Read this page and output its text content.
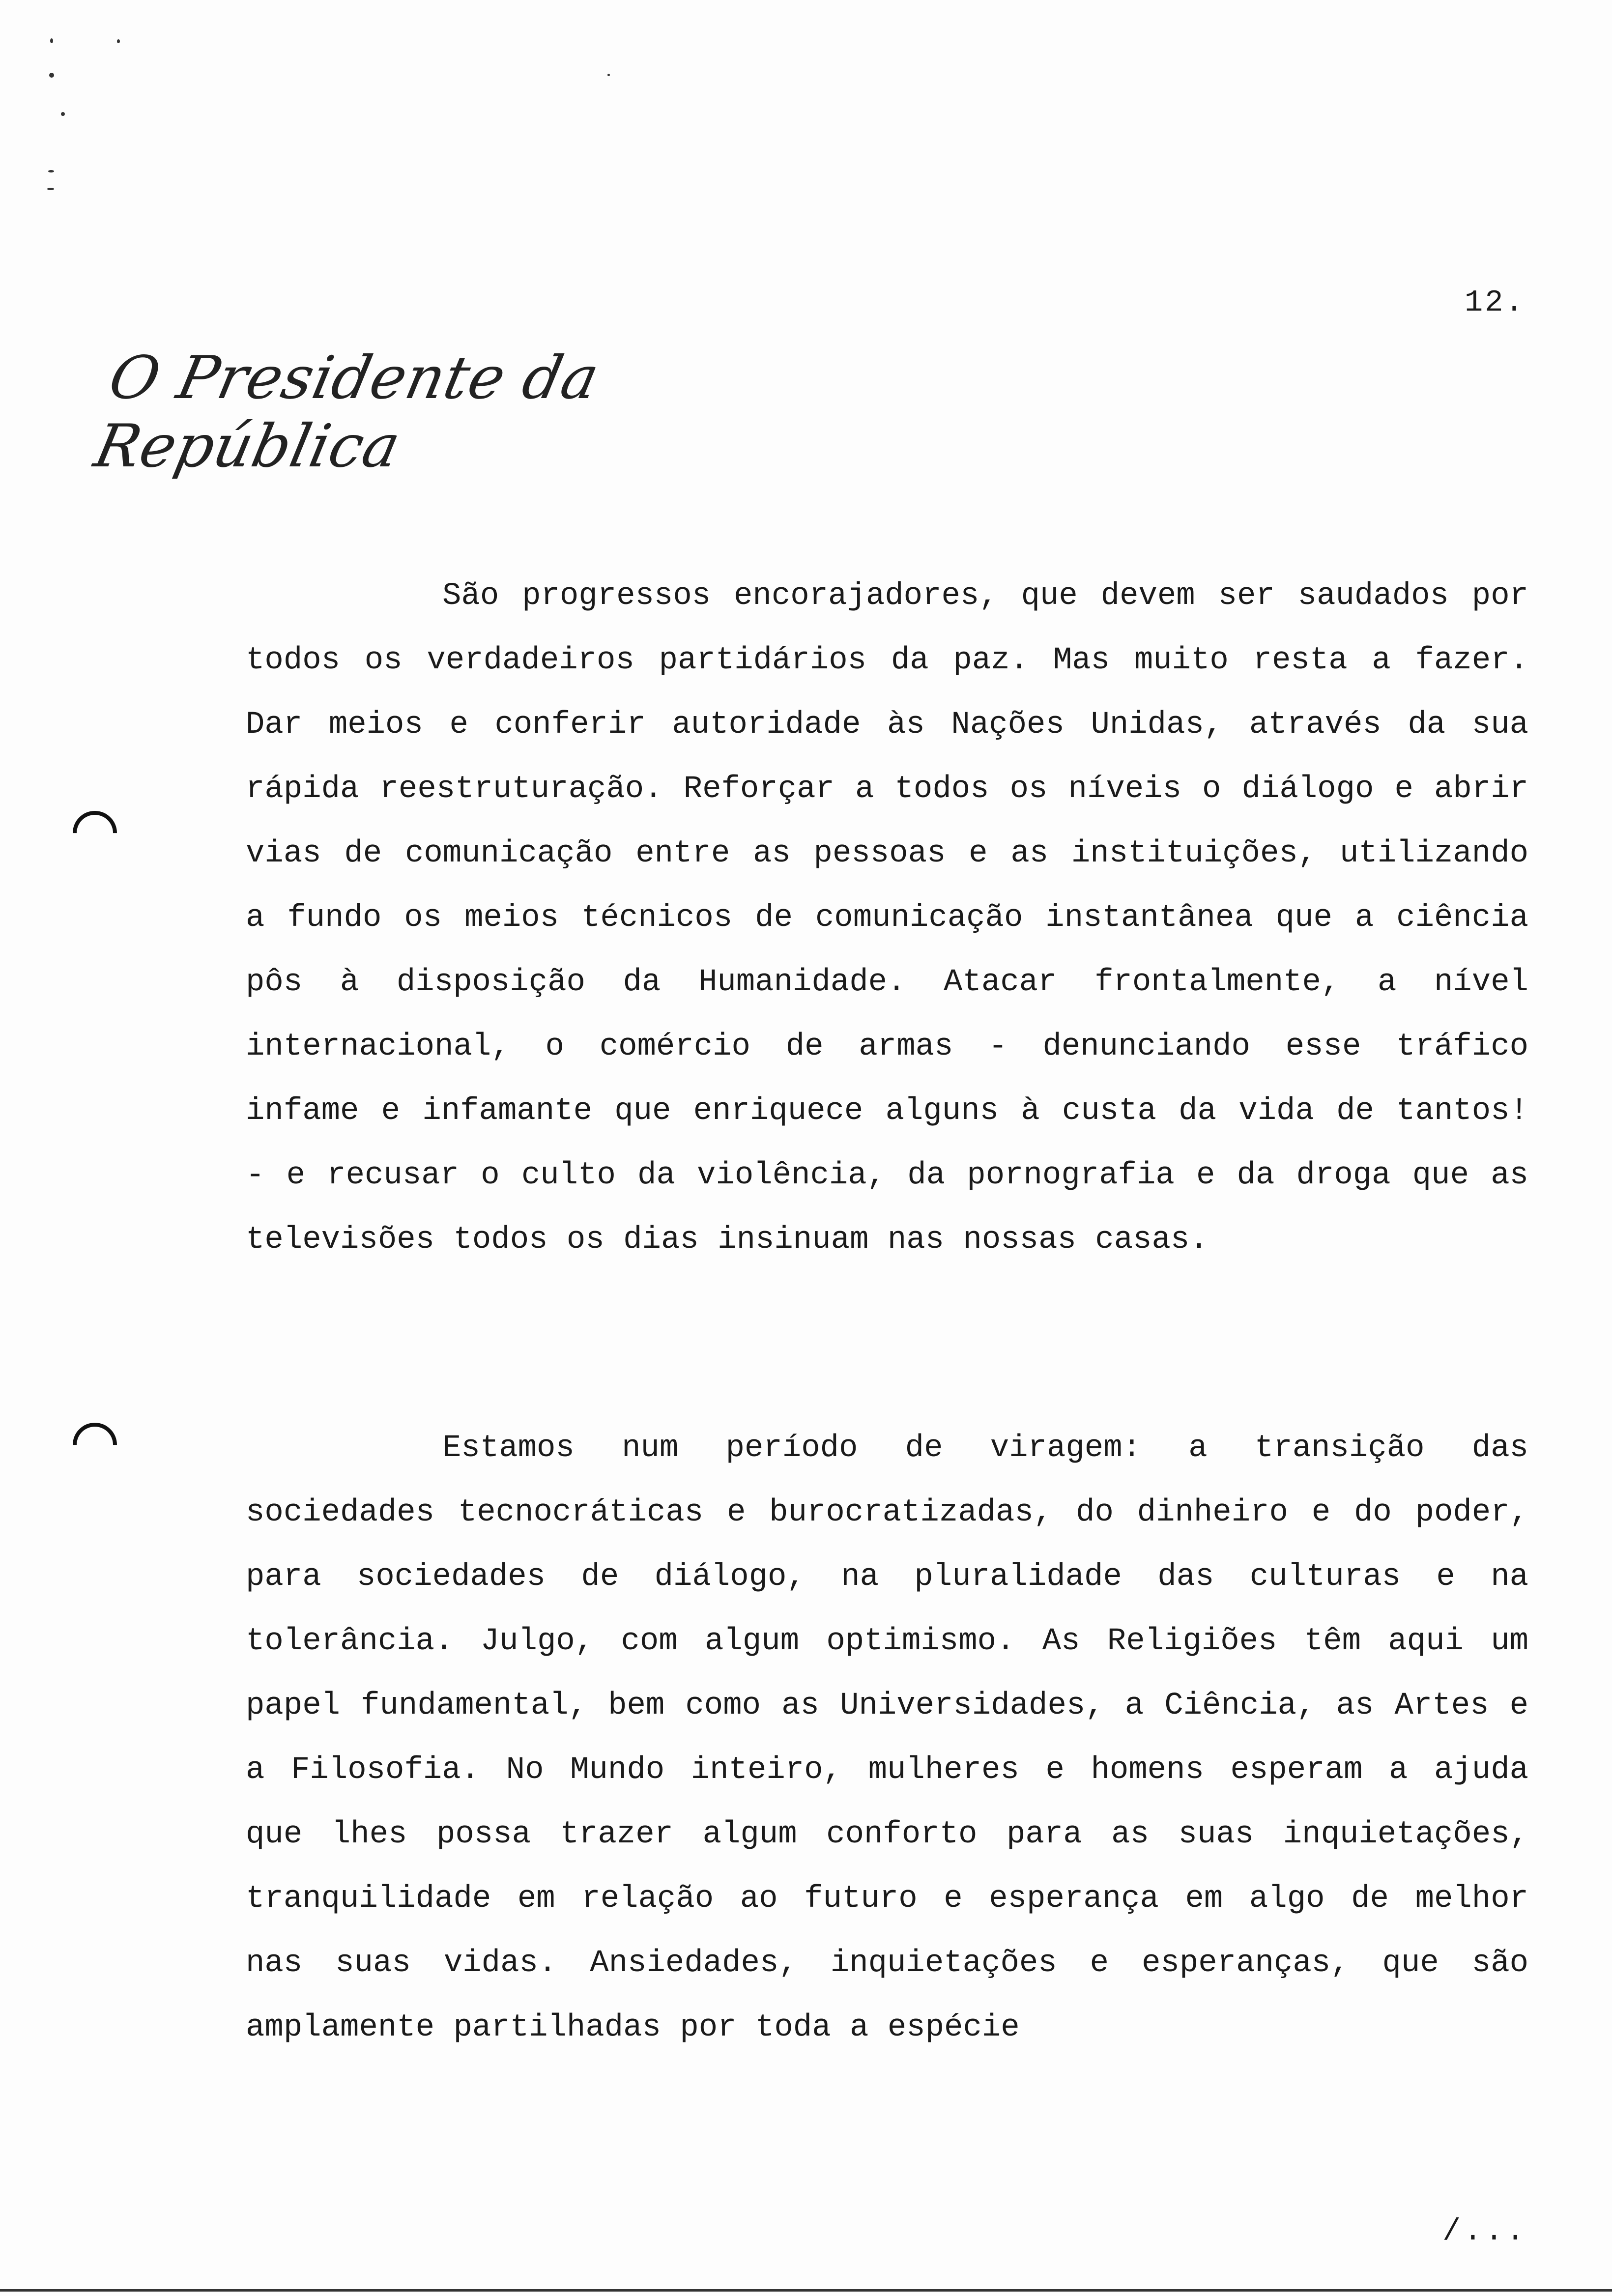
12.
O Presidente da República

São progressos encorajadores, que devem ser saudados por todos os verdadeiros partidários da paz. Mas muito resta a fazer. Dar meios e conferir autoridade às Nações Unidas, através da sua rápida reestruturação. Reforçar a todos os níveis o diálogo e abrir vias de comunicação entre as pessoas e as instituições, utilizando a fundo os meios técnicos de comunicação instantânea que a ciência pôs à disposição da Humanidade. Atacar frontalmente, a nível internacional, o comércio de armas - denunciando esse tráfico infame e infamante que enriquece alguns à custa da vida de tantos! - e recusar o culto da violência, da pornografia e da droga que as televisões todos os dias insinuam nas nossas casas.

Estamos num período de viragem: a transição das sociedades tecnocráticas e burocratizadas, do dinheiro e do poder, para sociedades de diálogo, na pluralidade das culturas e na tolerância. Julgo, com algum optimismo. As Religiões têm aqui um papel fundamental, bem como as Universidades, a Ciência, as Artes e a Filosofia. No Mundo inteiro, mulheres e homens esperam a ajuda que lhes possa trazer algum conforto para as suas inquietações, tranquilidade em relação ao futuro e esperança em algo de melhor nas suas vidas. Ansiedades, inquietações e esperanças, que são amplamente partilhadas por toda a espécie

/...
